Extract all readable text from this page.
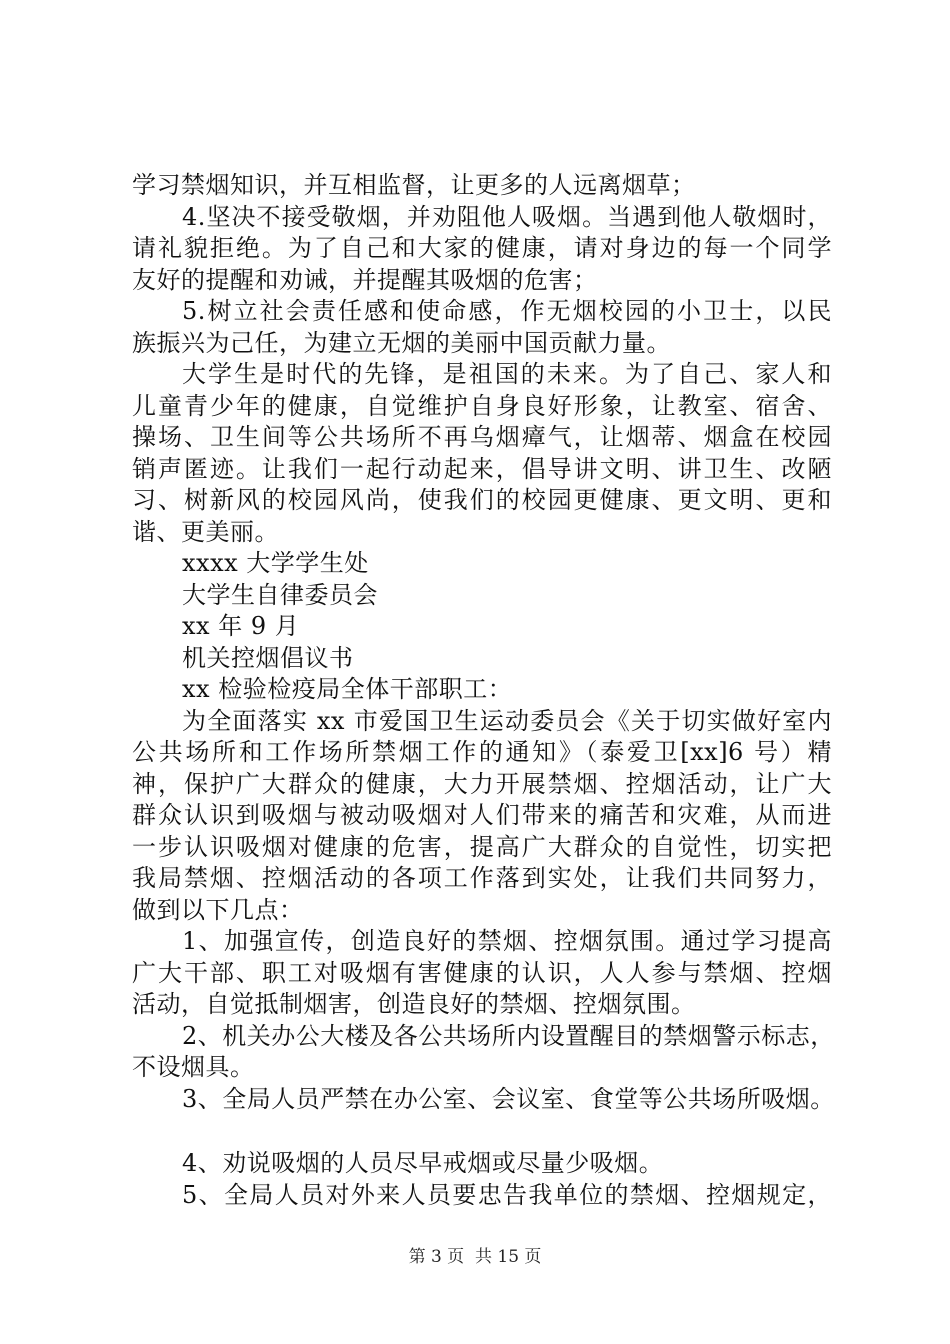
学习禁烟知识，并互相监督，让更多的人远离烟草；
4.坚决不接受敬烟，并劝阻他人吸烟。当遇到他人敬烟时，
请礼貌拒绝。为了自己和大家的健康，请对身边的每一个同学
友好的提醒和劝诫，并提醒其吸烟的危害；
5.树立社会责任感和使命感，作无烟校园的小卫士，以民
族振兴为己任，为建立无烟的美丽中国贡献力量。
大学生是时代的先锋，是祖国的未来。为了自己、家人和
儿童青少年的健康，自觉维护自身良好形象，让教室、宿舍、
操场、卫生间等公共场所不再乌烟瘴气，让烟蒂、烟盒在校园
销声匿迹。让我们一起行动起来，倡导讲文明、讲卫生、改陋
习、树新风的校园风尚，使我们的校园更健康、更文明、更和
谐、更美丽。
xxxx 大学学生处
大学生自律委员会
xx 年 9 月
机关控烟倡议书
xx 检验检疫局全体干部职工：
为全面落实 xx 市爱国卫生运动委员会《关于切实做好室内
公共场所和工作场所禁烟工作的通知》（泰爱卫[xx]6 号）精
神，保护广大群众的健康，大力开展禁烟、控烟活动，让广大
群众认识到吸烟与被动吸烟对人们带来的痛苦和灾难，从而进
一步认识吸烟对健康的危害，提高广大群众的自觉性，切实把
我局禁烟、控烟活动的各项工作落到实处，让我们共同努力，
做到以下几点：
1、加强宣传，创造良好的禁烟、控烟氛围。通过学习提高
广大干部、职工对吸烟有害健康的认识，人人参与禁烟、控烟
活动，自觉抵制烟害，创造良好的禁烟、控烟氛围。
2、机关办公大楼及各公共场所内设置醒目的禁烟警示标志，
不设烟具。
3、全局人员严禁在办公室、会议室、食堂等公共场所吸烟。
4、劝说吸烟的人员尽早戒烟或尽量少吸烟。
5、全局人员对外来人员要忠告我单位的禁烟、控烟规定，
第 3 页  共 15 页
